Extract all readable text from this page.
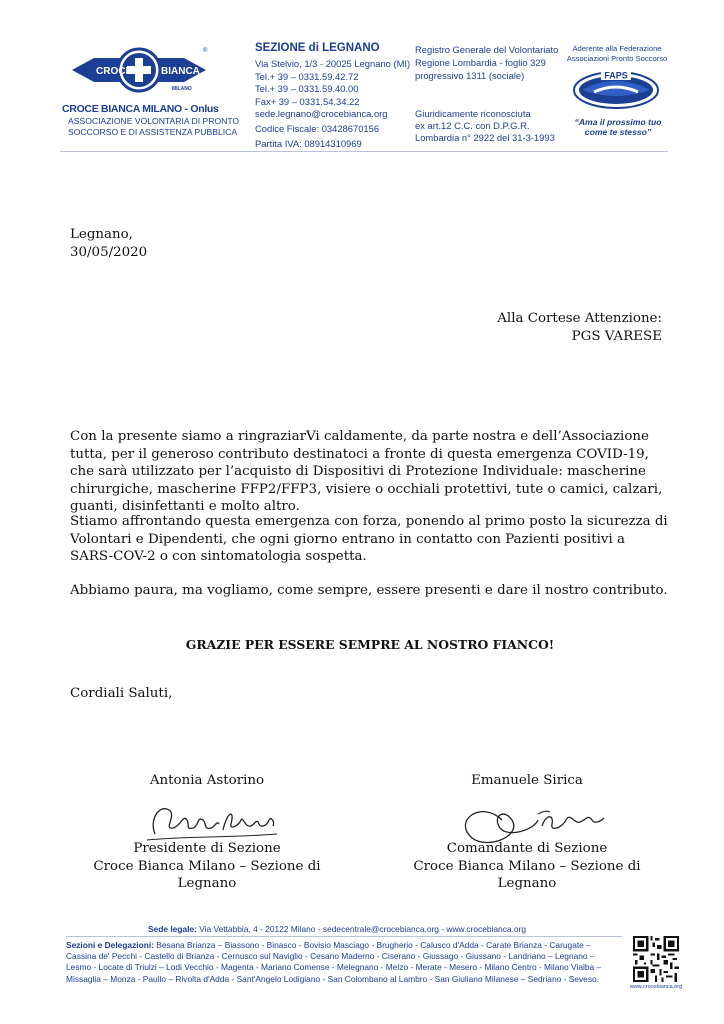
CROCE	BIANCA
MILANO
®
CROCE BIANCA MILANO - Onlus
ASSOCIAZIONE VOLONTARIA DI PRONTO
SOCCORSO E DI ASSISTENZA PUBBLICA
SEZIONE di LEGNANO
Via Stelvio, 1/3 - 20025 Legnano (MI)
Tel.+ 39 – 0331.59.42.72
Tel.+ 39 – 0331.59.40.00
Fax+ 39 – 0331.54.34.22
sede.legnano@crocebianca.org
Codice Fiscale: 03428670156
Partita IVA: 08914310969
Registro Generale del Volontariato
Regione Lombardia - foglio 329
progressivo 1311 (sociale)
Giuridicamente riconosciuta
ex art.12 C.C. con D.P.G.R.
Lombardia n° 2922 del 31-3-1993
Aderente alla Federazione
Associazioni Pronto Soccorso
FAPS
“Ama il prossimo tuo
come te stesso”
Legnano,
30/05/2020
Alla Cortese Attenzione:
PGS VARESE
Con la presente siamo a ringraziarVi caldamente, da parte nostra e dell’Associazione tutta, per il generoso contributo destinatoci a fronte di questa emergenza COVID-19, che sarà utilizzato per l’acquisto di Dispositivi di Protezione Individuale: mascherine chirurgiche, mascherine FFP2/FFP3, visiere o occhiali protettivi, tute o camici, calzari, guanti, disinfettanti e molto altro.
Stiamo affrontando questa emergenza con forza, ponendo al primo posto la sicurezza di Volontari e Dipendenti, che ogni giorno entrano in contatto con Pazienti positivi a SARS-COV-2 o con sintomatologia sospetta.
Abbiamo paura, ma vogliamo, come sempre, essere presenti e dare il nostro contributo.
GRAZIE PER ESSERE SEMPRE AL NOSTRO FIANCO!
Cordiali Saluti,
Antonia Astorino
Presidente di Sezione
Croce Bianca Milano – Sezione di Legnano
Emanuele Sirica
Comandante di Sezione
Croce Bianca Milano – Sezione di Legnano
Sede legale: Via Vettabbia, 4 - 20122 Milano - sedecentrale@crocebianca.org - www.crocebianca.org
Sezioni e Delegazioni: Besana Brianza – Biassono - Binasco - Bovisio Masciago - Brugherio - Calusco d'Adda - Carate Brianza - Carugate – Cassina de' Pecchi - Castello di Brianza - Cernusco sul Naviglio - Cesano Maderno - Ciserano - Giussago - Giussano - Landriano – Legnano –Lesmo - Locate di Triulzi – Lodi Vecchio - Magenta - Mariano Comense - Melegnano - Melzo - Merate - Mesero - Milano Centro - Milano Vialba – Missaglia – Monza - Paullo – Rivolta d'Adda - Sant'Angelo Lodigiano - San Colombano al Lambro - San Giuliano Milanese – Sedriano - Seveso.
www.crocebianca.org
